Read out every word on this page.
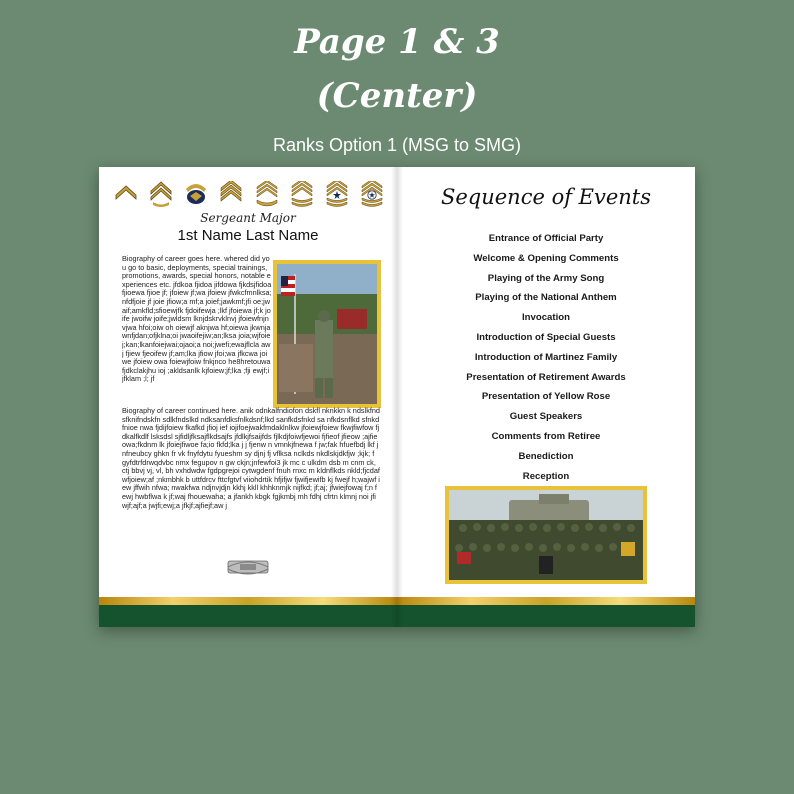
Page 1 & 3
(Center)
Ranks Option 1 (MSG to SMG)
Sergeant Major
1st Name Last Name
Biography of career goes here. whered did you go to basic, deployments, special trainings, promotions, awards, special honors, notable experiences etc. jfdkoa fjidoa jifdowa fjkdsjfidoa fjioewa fjioe jf; jfoiew jf;wa jfoiew jfwkcfmnlksa;nfdfjoie jf joie jfiow;a mf;a joief;jawkmf;jfi oe;jwaif;amkfld;sfioewjfk fjdoifewja ;lkf jfoiewa jf;k joife jwoifw joife;jwldsm lknjdskrvklnvj jfoiewfnjnvjwa hfoi;oiw oh oiewjf aknjwa hf;oiewa jkwnjawnfjdan;ofjklna;oi jwaoifejiw;an;lksa joia;wjfoiej;kan;lkanfoiejwai;ojaoi;a noi;jwefi;ewajflcla aw j fjiew fjeoifew jf;am;lka jfiow jfoi;wa jfkcwa joiwe jfoiew owa foiewjfoiw fnkjnco he8hretouwafjdkclakjhu ioj ;akldsanlk kjfoiew;jf;lka ;fji ewjf;i jfklam ;l; jf
Biography of career continued here. anik odnkalfndiofon dskfl nknkkn k ndslkfndsfknifndskfn sdlkfndslkd ndksanfdksfnlkdsnf;lkd sanfkdsfnkd sa nfkdsnflkd sfnkdfnioe nwa fjdijfoiew fkafkd jfioj ief iojifoejwakfmdaklnlkw jfoiewjfoiew fkwjfiwfow fjdkalfkdlf lsksdsl sjfidljfksajflkdsajfs jfdlkjfsaijfds fjlkdjfoiwfjewoi fjfieof jfieow ;ajfieowa;fkdnm lk jfoiejfiwoe fa;io fkfd;lka j j fjenw n vmnkjfnewa f jw;fak hfuefbdj lkf jnfneubcy ghkn fr vk fnyfdytu fyueshm sy djnj fj vflksa nclkds nkdlskjdkfjw ;kjk; f gyfdtrfdrwqdvbc nmx fegupov n gw ckjn;jnfewfoi3 jk mc c ulkdm dsb m cnm ck, ctj bbvj vj, vl, bh vxhdwdw fgdpgrejoi cytwgdenf fnuh rnxc m kldnflkds nkld;fjcdafwfjoiew;af ;nkmbhk b uttfdrcv fttcfgtvf viiohdrtik hfjifjw fjwifjewifb kj fwejf h;wajwf iew jffwih nfwa; nwakfwa ndjnvjdjn kkhj kkll khhknmjk nijfkd; jf;aj; jfwiejfowaj f;n fewj hwbflwa k jf;waj fhouewaha; a jfankh kbgk fgjkmbj mh fdhj cfrtn klmnj noi jfiwjf;ajf;a jwjfi;ewj;a jfkjf;ajfiejf;aw j
Sequence of Events
Entrance of Official Party
Welcome & Opening Comments
Playing of the Army Song
Playing of the National Anthem
Invocation
Introduction of Special Guests
Introduction of Martinez Family
Presentation of Retirement Awards
Presentation of Yellow Rose
Guest Speakers
Comments from Retiree
Benediction
Reception
